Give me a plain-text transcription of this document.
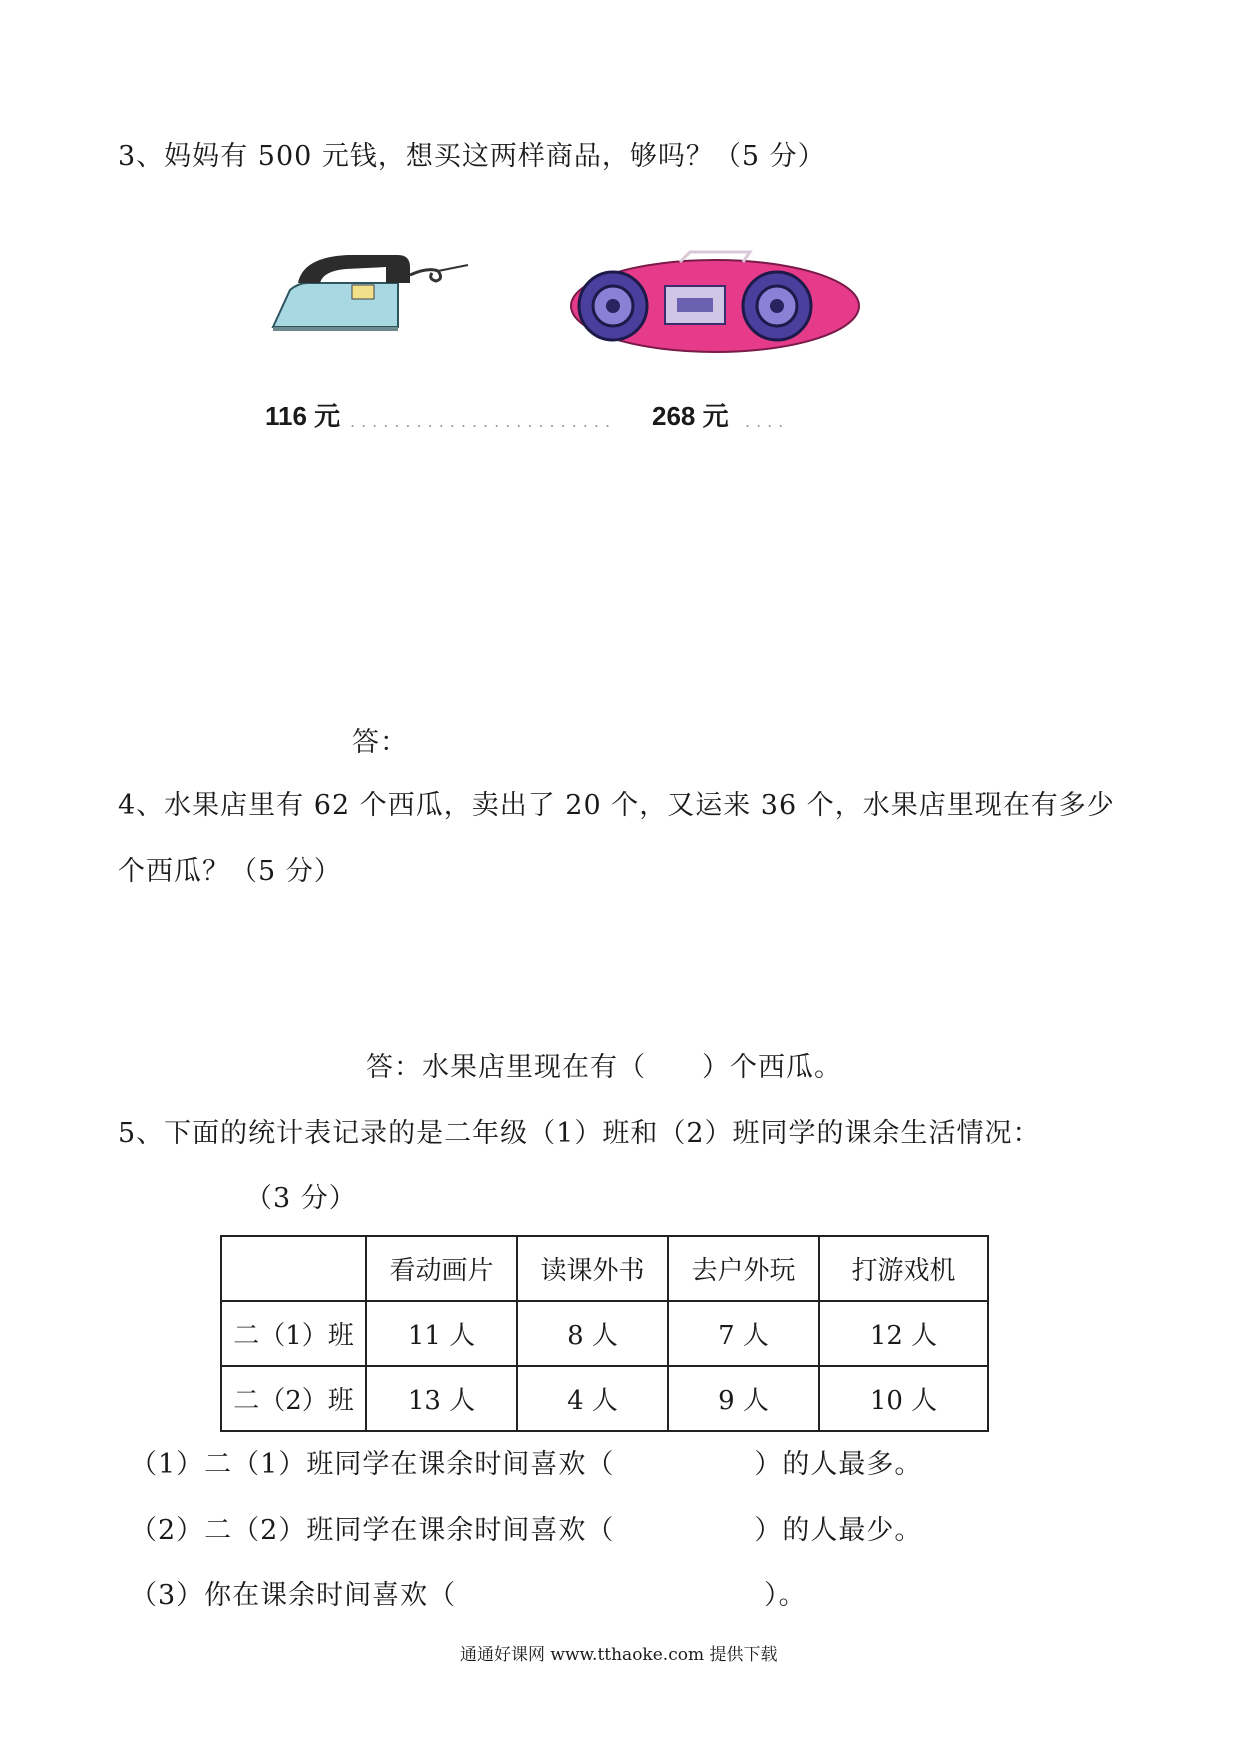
3、妈妈有 500 元钱，想买这两样商品，够吗？（5 分）
116 元 ........................ 268 元 ....
答：
4、水果店里有 62 个西瓜，卖出了 20 个，又运来 36 个，水果店里现在有多少
个西瓜？（5 分）
答：水果店里现在有（　　）个西瓜。
5、下面的统计表记录的是二年级（1）班和（2）班同学的课余生活情况：
（3 分）
	看动画片	读课外书	去户外玩	打游戏机
二（1）班	11 人	8 人	7 人	12 人
二（2）班	13 人	4 人	9 人	10 人
（1）二（1）班同学在课余时间喜欢（　　　　　）的人最多。
（2）二（2）班同学在课余时间喜欢（　　　　　）的人最少。
（3）你在课余时间喜欢（　　　　　　　　　　　）。
通通好课网 www.tthaoke.com 提供下载
